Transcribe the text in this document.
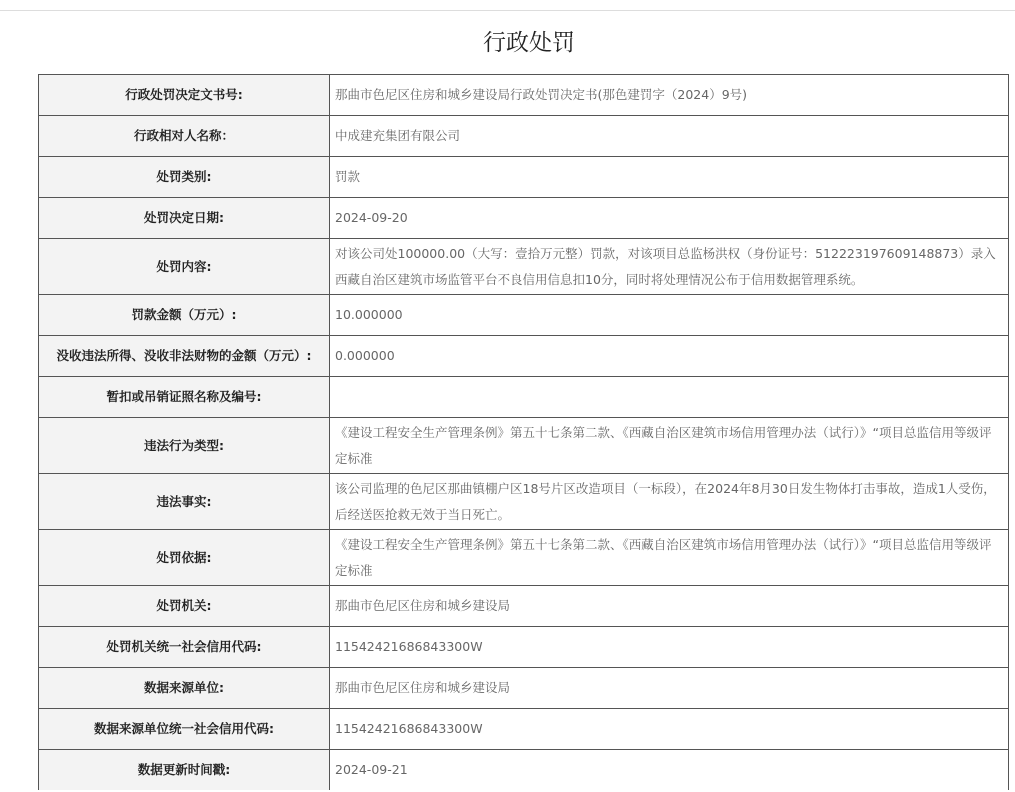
行政处罚
行政处罚决定文书号:	那曲市色尼区住房和城乡建设局行政处罚决定书(那色建罚字（2024）9号)
行政相对人名称：	中成建充集团有限公司
处罚类别:	罚款
处罚决定日期:	2024-09-20
处罚内容:	对该公司处100000.00（大写：壹拾万元整）罚款，对该项目总监杨洪权（身份证号：512223197609148873）录入西藏自治区建筑市场监管平台不良信用信息扣10分，同时将处理情况公布于信用数据管理系统。
罚款金额（万元）:	10.000000
没收违法所得、没收非法财物的金额（万元）:	0.000000
暂扣或吊销证照名称及编号:	
违法行为类型:	《建设工程安全生产管理条例》第五十七条第二款、《西藏自治区建筑市场信用管理办法（试行）》“项目总监信用等级评定标准
违法事实:	该公司监理的色尼区那曲镇棚户区18号片区改造项目（一标段），在2024年8月30日发生物体打击事故，造成1人受伤，后经送医抢救无效于当日死亡。
处罚依据:	《建设工程安全生产管理条例》第五十七条第二款、《西藏自治区建筑市场信用管理办法（试行）》“项目总监信用等级评定标准
处罚机关:	那曲市色尼区住房和城乡建设局
处罚机关统一社会信用代码:	11542421686843300W
数据来源单位:	那曲市色尼区住房和城乡建设局
数据来源单位统一社会信用代码:	11542421686843300W
数据更新时间戳:	2024-09-21
